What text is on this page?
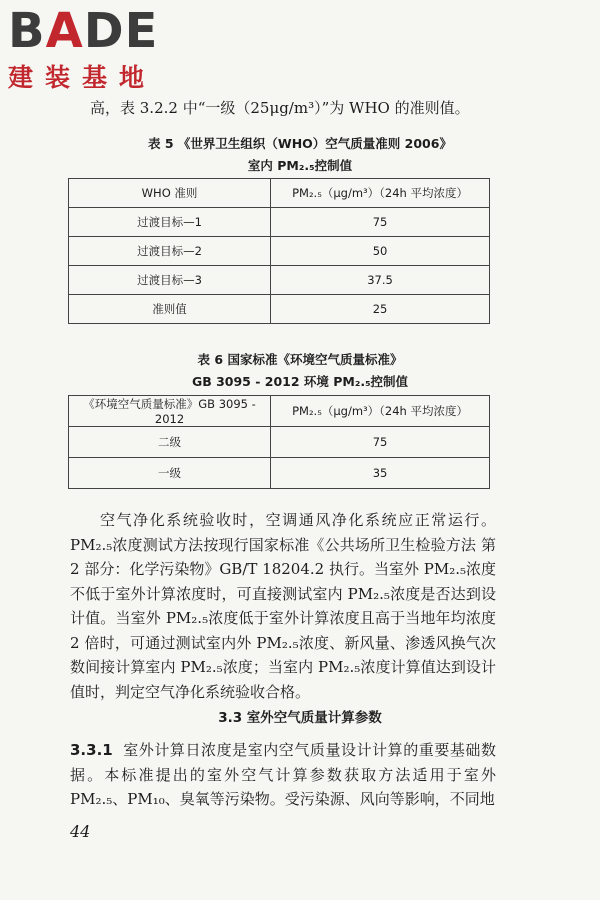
BADE
建装基地
高，表 3.2.2 中“一级（25μg/m³）”为 WHO 的准则值。
表 5 《世界卫生组织（WHO）空气质量准则 2006》
室内 PM₂.₅控制值
WHO 准则	PM₂.₅（μg/m³）（24h 平均浓度）
过渡目标—1	75
过渡目标—2	50
过渡目标—3	37.5
准则值	25
表 6 国家标准《环境空气质量标准》
GB 3095 - 2012 环境 PM₂.₅控制值
《环境空气质量标准》GB 3095 - 2012	PM₂.₅（μg/m³）（24h 平均浓度）
二级	75
一级	35

空气净化系统验收时，空调通风净化系统应正常运行。PM₂.₅浓度测试方法按现行国家标准《公共场所卫生检验方法 第 2 部分：化学污染物》GB/T 18204.2 执行。当室外 PM₂.₅浓度不低于室外计算浓度时，可直接测试室内 PM₂.₅浓度是否达到设计值。当室外 PM₂.₅浓度低于室外计算浓度且高于当地年均浓度 2 倍时，可通过测试室内外 PM₂.₅浓度、新风量、渗透风换气次数间接计算室内 PM₂.₅浓度；当室内 PM₂.₅浓度计算值达到设计值时，判定空气净化系统验收合格。

3.3 室外空气质量计算参数
3.3.1 室外计算日浓度是室内空气质量设计计算的重要基础数据。本标准提出的室外空气计算参数获取方法适用于室外 PM₂.₅、PM₁₀、臭氧等污染物。受污染源、风向等影响，不同地
44
